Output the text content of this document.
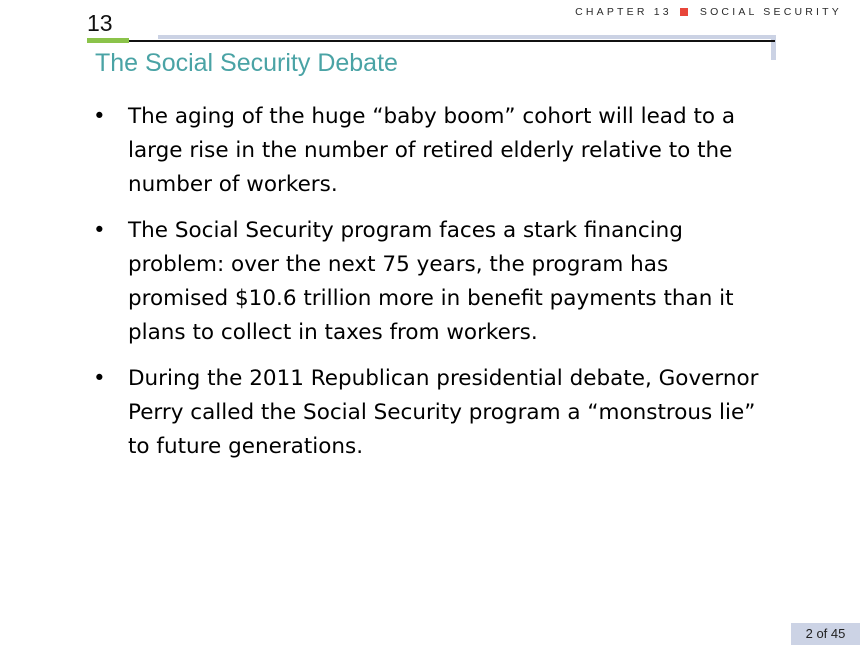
CHAPTER 13	SOCIAL SECURITY
13
The Social Security Debate
• The aging of the huge “baby boom” cohort will lead to a large rise in the number of retired elderly relative to the number of workers.
• The Social Security program faces a stark financing problem: over the next 75 years, the program has promised $10.6 trillion more in benefit payments than it plans to collect in taxes from workers.
• During the 2011 Republican presidential debate, Governor Perry called the Social Security program a “monstrous lie” to future generations.
2 of 45
